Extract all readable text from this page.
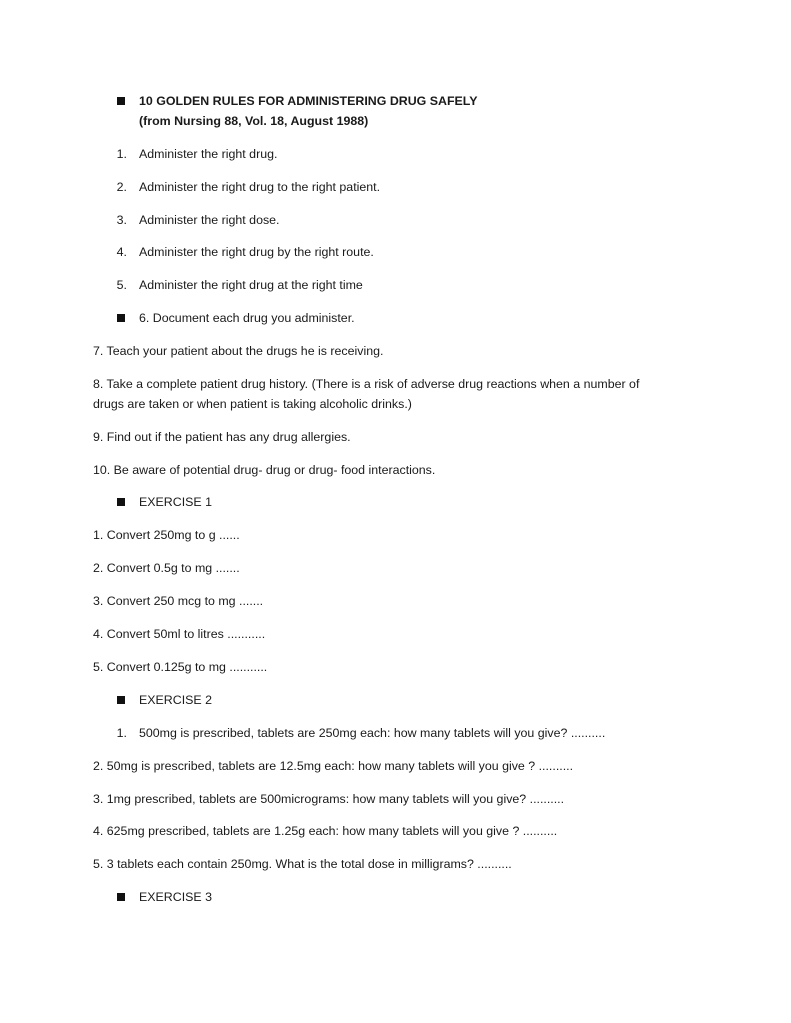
10 GOLDEN RULES FOR ADMINISTERING DRUG SAFELY
(from Nursing 88, Vol. 18, August 1988)
1. Administer the right drug.
2. Administer the right drug to the right patient.
3. Administer the right dose.
4. Administer the right drug by the right route.
5. Administer the right drug at the right time
6. Document each drug you administer.
7. Teach your patient about the drugs he is receiving.
8. Take a complete patient drug history. (There is a risk of adverse drug reactions when a number of
drugs are taken or when patient is taking alcoholic drinks.)
9. Find out if the patient has any drug allergies.
10. Be aware of potential drug- drug or drug- food interactions.
EXERCISE 1
1. Convert 250mg to g ......
2. Convert 0.5g to mg .......
3. Convert 250 mcg to mg .......
4. Convert 50ml to litres ...........
5. Convert 0.125g to mg ...........
EXERCISE 2
1. 500mg is prescribed, tablets are 250mg each: how many tablets will you give? ..........
2. 50mg is prescribed, tablets are 12.5mg each: how many tablets will you give ? ..........
3. 1mg prescribed, tablets are 500micrograms: how many tablets will you give? ..........
4. 625mg prescribed, tablets are 1.25g each: how many tablets will you give ? ..........
5. 3 tablets each contain 250mg. What is the total dose in milligrams? ..........
EXERCISE 3
